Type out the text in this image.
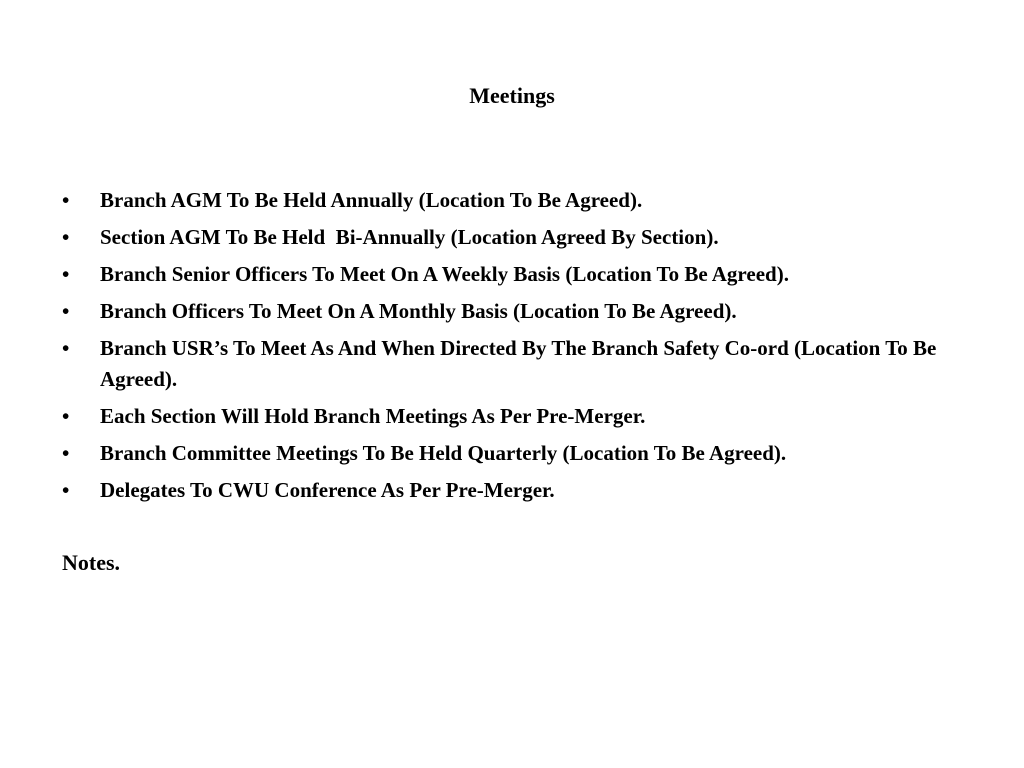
Meetings
•	Branch AGM To Be Held Annually (Location To Be Agreed).
•	Section AGM To Be Held  Bi-Annually (Location Agreed By Section).
•	Branch Senior Officers To Meet On A Weekly Basis (Location To Be Agreed).
•	Branch Officers To Meet On A Monthly Basis (Location To Be Agreed).
•	Branch USR’s To Meet As And When Directed By The Branch Safety Co-ord (Location To Be Agreed).
•	Each Section Will Hold Branch Meetings As Per Pre-Merger.
•	Branch Committee Meetings To Be Held Quarterly (Location To Be Agreed).
•	Delegates To CWU Conference As Per Pre-Merger.
Notes.
